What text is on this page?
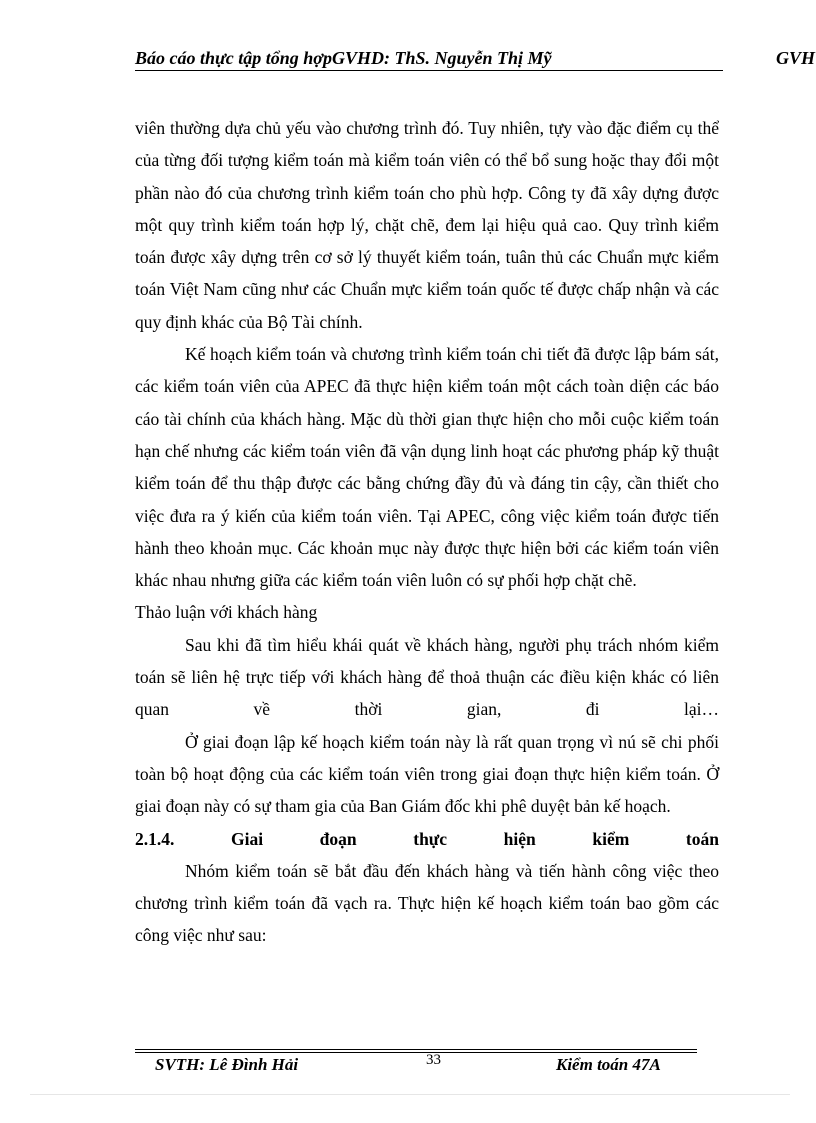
Báo cáo thực tập tổng hợpGVHD: ThS. Nguyễn Thị Mỹ	GVH

viên thường dựa chủ yếu vào chương trình đó. Tuy nhiên, tựy vào đặc điểm cụ thể của từng đối tượng kiểm toán mà kiểm toán viên có thể bổ sung hoặc thay đổi một phần nào đó của chương trình kiểm toán cho phù hợp. Công ty đã xây dựng được một quy trình kiểm toán hợp lý, chặt chẽ, đem lại hiệu quả cao. Quy trình kiểm toán được xây dựng trên cơ sở lý thuyết kiểm toán, tuân thủ các Chuẩn mực kiểm toán Việt Nam cũng như các Chuẩn mực kiểm toán quốc tế được chấp nhận và các quy định khác của Bộ Tài chính.

Kế hoạch kiểm toán và chương trình kiểm toán chi tiết đã được lập bám sát, các kiểm toán viên của APEC đã thực hiện kiểm toán một cách toàn diện các báo cáo tài chính của khách hàng. Mặc dù thời gian thực hiện cho mỗi cuộc kiểm toán hạn chế nhưng các kiểm toán viên đã vận dụng linh hoạt các phương pháp kỹ thuật kiểm toán để thu thập được các bằng chứng đầy đủ và đáng tin cậy, cần thiết cho việc đưa ra ý kiến của kiểm toán viên. Tại APEC, công việc kiểm toán được tiến hành theo khoản mục. Các khoản mục này được thực hiện bởi các kiểm toán viên khác nhau nhưng giữa các kiểm toán viên luôn có sự phối hợp chặt chẽ.

Thảo luận với khách hàng

Sau khi đã tìm hiểu khái quát về khách hàng, người phụ trách nhóm kiểm toán sẽ liên hệ trực tiếp với khách hàng để thoả thuận các điều kiện khác có liên quan về thời gian, đi lại…

Ở giai đoạn lập kế hoạch kiểm toán này là rất quan trọng vì nú sẽ chi phối toàn bộ hoạt động của các kiểm toán viên trong giai đoạn thực hiện kiểm toán. Ở giai đoạn này có sự tham gia của Ban Giám đốc khi phê duyệt bản kế hoạch.

2.1.4. Giai đoạn thực hiện kiểm toán

Nhóm kiểm toán sẽ bắt đầu đến khách hàng và tiến hành công việc theo chương trình kiểm toán đã vạch ra. Thực hiện kế hoạch kiểm toán bao gồm các công việc như sau:

SVTH: Lê Đình Hải	33	Kiểm toán 47A
